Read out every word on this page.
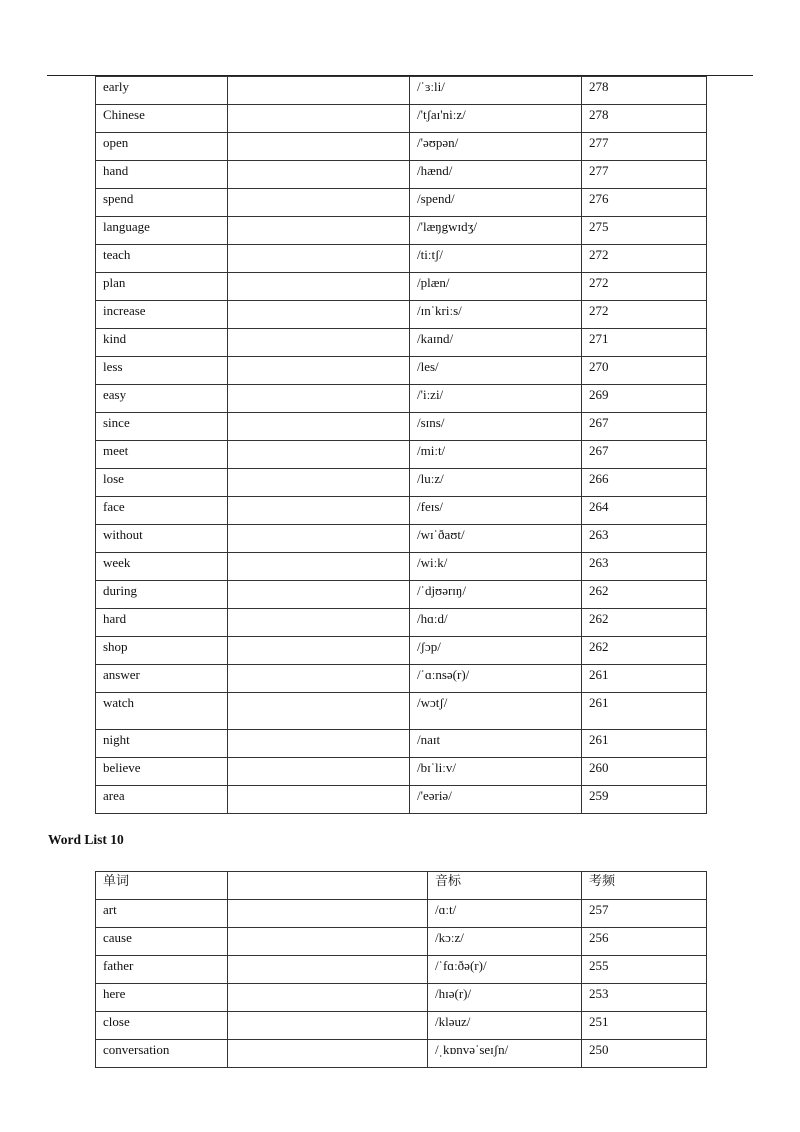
early		/ˈɜːli/	278
Chinese		/'tʃaɪ'niːz/	278
open		/'əʊpən/	277
hand		/hænd/	277
spend		/spend/	276
language		/'læŋgwɪdʒ/	275
teach		/tiːtʃ/	272
plan		/plæn/	272
increase		/ɪnˈkriːs/	272
kind		/kaɪnd/	271
less		/les/	270
easy		/'iːzi/	269
since		/sɪns/	267
meet		/miːt/	267
lose		/luːz/	266
face		/feɪs/	264
without		/wɪˈðaʊt/	263
week		/wiːk/	263
during		/ˈdjʊərɪŋ/	262
hard		/hɑːd/	262
shop		/ʃɔp/	262
answer		/ˈɑːnsə(r)/	261
watch		/wɔtʃ/	261
night		/naɪt	261
believe		/bɪˈliːv/	260
area		/'eəriə/	259
Word List 10
单词		音标	考频
art		/ɑːt/	257
cause		/kɔːz/	256
father		/ˈfɑːðə(r)/	255
here		/hɪə(r)/	253
close		/kləuz/	251
conversation		/ˌkɒnvəˈseɪʃn/	250
